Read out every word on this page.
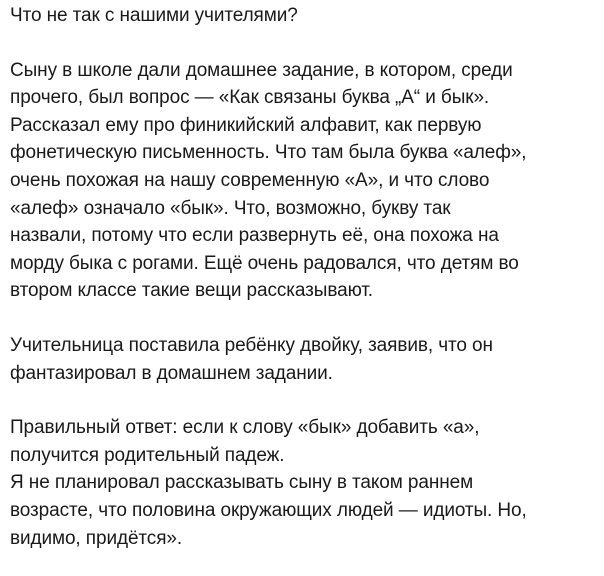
Что не так с нашими учителями?
Сыну в школе дали домашнее задание, в котором, среди
прочего, был вопрос — «Как связаны буква „А“ и бык».
Рассказал ему про финикийский алфавит, как первую
фонетическую письменность. Что там была буква «алеф»,
очень похожая на нашу современную «А», и что слово
«алеф» означало «бык». Что, возможно, букву так
назвали, потому что если развернуть её, она похожа на
морду быка с рогами. Ещё очень радовался, что детям во
втором классе такие вещи рассказывают.
Учительница поставила ребёнку двойку, заявив, что он
фантазировал в домашнем задании.
Правильный ответ: если к слову «бык» добавить «а»,
получится родительный падеж.
Я не планировал рассказывать сыну в таком раннем
возрасте, что половина окружающих людей — идиоты. Но,
видимо, придётся».
